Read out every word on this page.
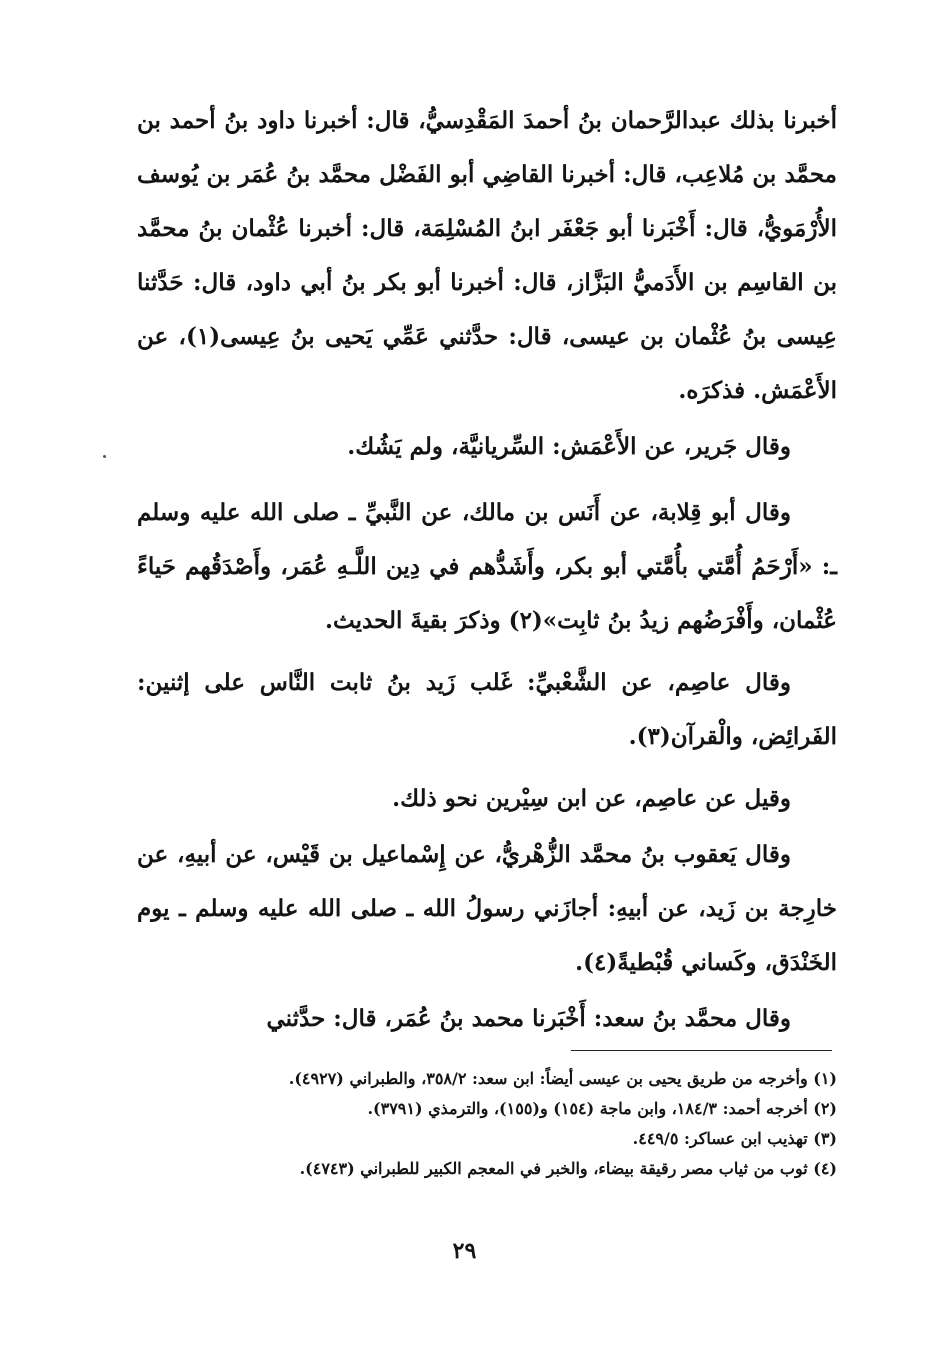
أخبرنا بذلك عبدالرَّحمان بنُ أحمدَ المَقْدِسيُّ، قال: أخبرنا داود بنُ أحمد بن محمَّد بن مُلاعِب، قال: أخبرنا القاضِي أبو الفَضْل محمَّد بنُ عُمَر بن يُوسف الأُرْمَويُّ، قال: أَخْبَرنا أبو جَعْفَر ابنُ المُسْلِمَة، قال: أخبرنا عُثْمان بنُ محمَّد بن القاسِم بن الأَدَميُّ البَزَّاز، قال: أخبرنا أبو بكر بنُ أبي داود، قال: حَدَّثنا عِيسى بنُ عُثْمان بن عيسى، قال: حدَّثني عَمِّي يَحيى بنُ عِيسى(١)، عن الأَعْمَش. فذكرَه.

وقال جَرير، عن الأَعْمَش: السِّريانيَّة، ولم يَشُك.

وقال أبو قِلابة، عن أَنَس بن مالك، عن النَّبيِّ ـ صلى الله عليه وسلم ـ: «أَرْحَمُ أُمَّتي بأُمَّتي أبو بكر، وأَشَدُّهم في دِين اللَّـهِ عُمَر، وأَصْدَقُهم حَياءً عُثْمان، وأَفْرَضُهم زيدُ بنُ ثابِت»(٢) وذكرَ بقيةَ الحديث.

وقال عاصِم، عن الشَّعْبيِّ: غَلب زَيد بنُ ثابت النَّاس على إثنين: الفَرائِض، والْقرآن(٣).

وقيل عن عاصِم، عن ابن سِيْرين نحو ذلك.

وقال يَعقوب بنُ محمَّد الزُّهْريُّ، عن إِسْماعيل بن قَيْس، عن أبيهِ، عن خارِجة بن زَيد، عن أبيهِ: أجازَني رسولُ الله ـ صلى الله عليه وسلم ـ يوم الخَنْدَق، وكَساني قُبْطيةً(٤).

وقال محمَّد بنُ سعد: أَخْبَرنا محمد بنُ عُمَر، قال: حدَّثني

(١) وأخرجه من طريق يحيى بن عيسى أيضاً: ابن سعد: ٣٥٨/٢، والطبراني (٤٩٢٧).

(٢) أخرجه أحمد: ١٨٤/٣، وابن ماجة (١٥٤) و(١٥٥)، والترمذي (٣٧٩١).

(٣) تهذيب ابن عساكر: ٤٤٩/٥.

(٤) ثوب من ثياب مصر رقيقة بيضاء، والخبر في المعجم الكبير للطبراني (٤٧٤٣).

٢٩
